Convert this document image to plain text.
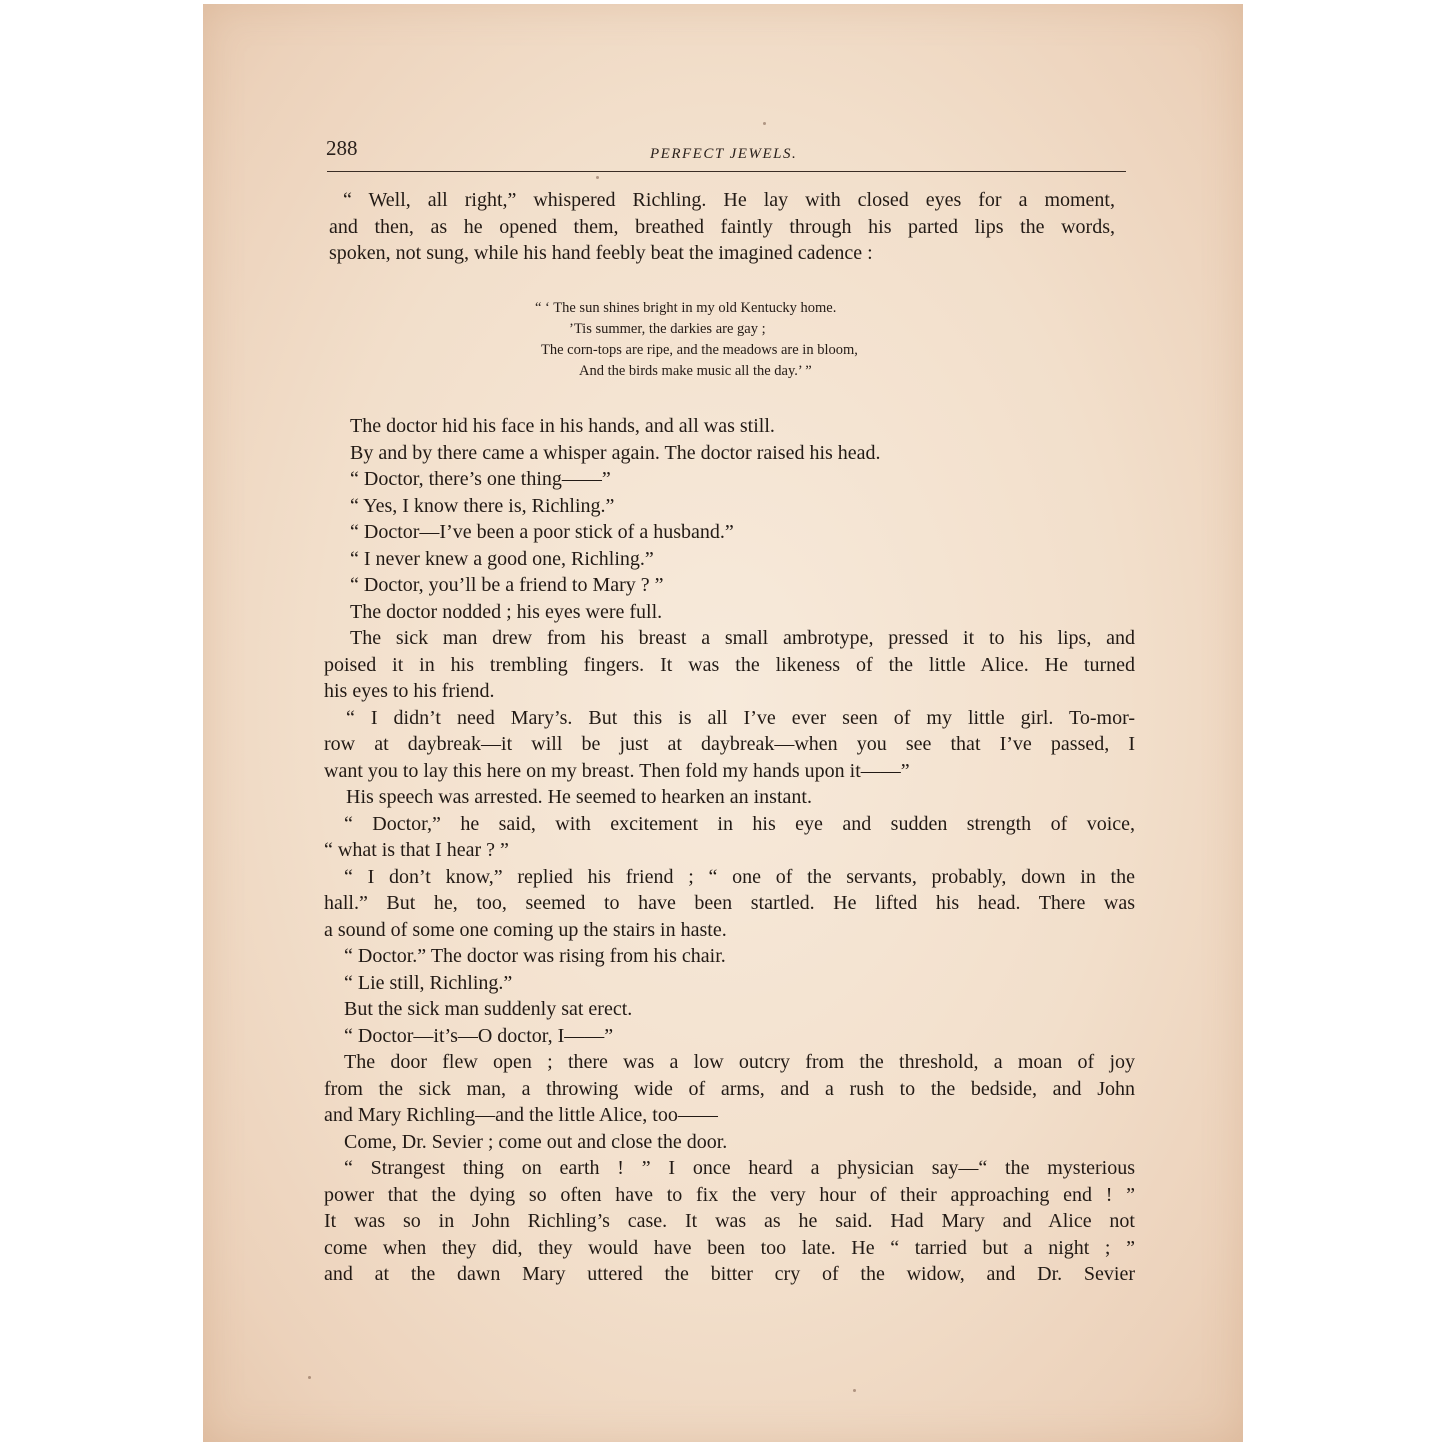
288	PERFECT JEWELS.
“ Well, all right,” whispered Richling. He lay with closed eyes for a moment,
and then, as he opened them, breathed faintly through his parted lips the words,
spoken, not sung, while his hand feebly beat the imagined cadence :
“ ‘ The sun shines bright in my old Kentucky home.
’Tis summer, the darkies are gay ;
The corn-tops are ripe, and the meadows are in bloom,
And the birds make music all the day.’ ”
The doctor hid his face in his hands, and all was still.
By and by there came a whisper again. The doctor raised his head.
“ Doctor, there’s one thing——”
“ Yes, I know there is, Richling.”
“ Doctor—I’ve been a poor stick of a husband.”
“ I never knew a good one, Richling.”
“ Doctor, you’ll be a friend to Mary ? ”
The doctor nodded ; his eyes were full.
The sick man drew from his breast a small ambrotype, pressed it to his lips, and
poised it in his trembling fingers. It was the likeness of the little Alice. He turned
his eyes to his friend.
“ I didn’t need Mary’s. But this is all I’ve ever seen of my little girl. To-mor-
row at daybreak—it will be just at daybreak—when you see that I’ve passed, I
want you to lay this here on my breast. Then fold my hands upon it——”
His speech was arrested. He seemed to hearken an instant.
“ Doctor,” he said, with excitement in his eye and sudden strength of voice,
“ what is that I hear ? ”
“ I don’t know,” replied his friend ; “ one of the servants, probably, down in the
hall.” But he, too, seemed to have been startled. He lifted his head. There was
a sound of some one coming up the stairs in haste.
“ Doctor.” The doctor was rising from his chair.
“ Lie still, Richling.”
But the sick man suddenly sat erect.
“ Doctor—it’s—O doctor, I——”
The door flew open ; there was a low outcry from the threshold, a moan of joy
from the sick man, a throwing wide of arms, and a rush to the bedside, and John
and Mary Richling—and the little Alice, too——
Come, Dr. Sevier ; come out and close the door.
“ Strangest thing on earth ! ” I once heard a physician say—“ the mysterious
power that the dying so often have to fix the very hour of their approaching end ! ”
It was so in John Richling’s case. It was as he said. Had Mary and Alice not
come when they did, they would have been too late. He “ tarried but a night ; ”
and at the dawn Mary uttered the bitter cry of the widow, and Dr. Sevier
